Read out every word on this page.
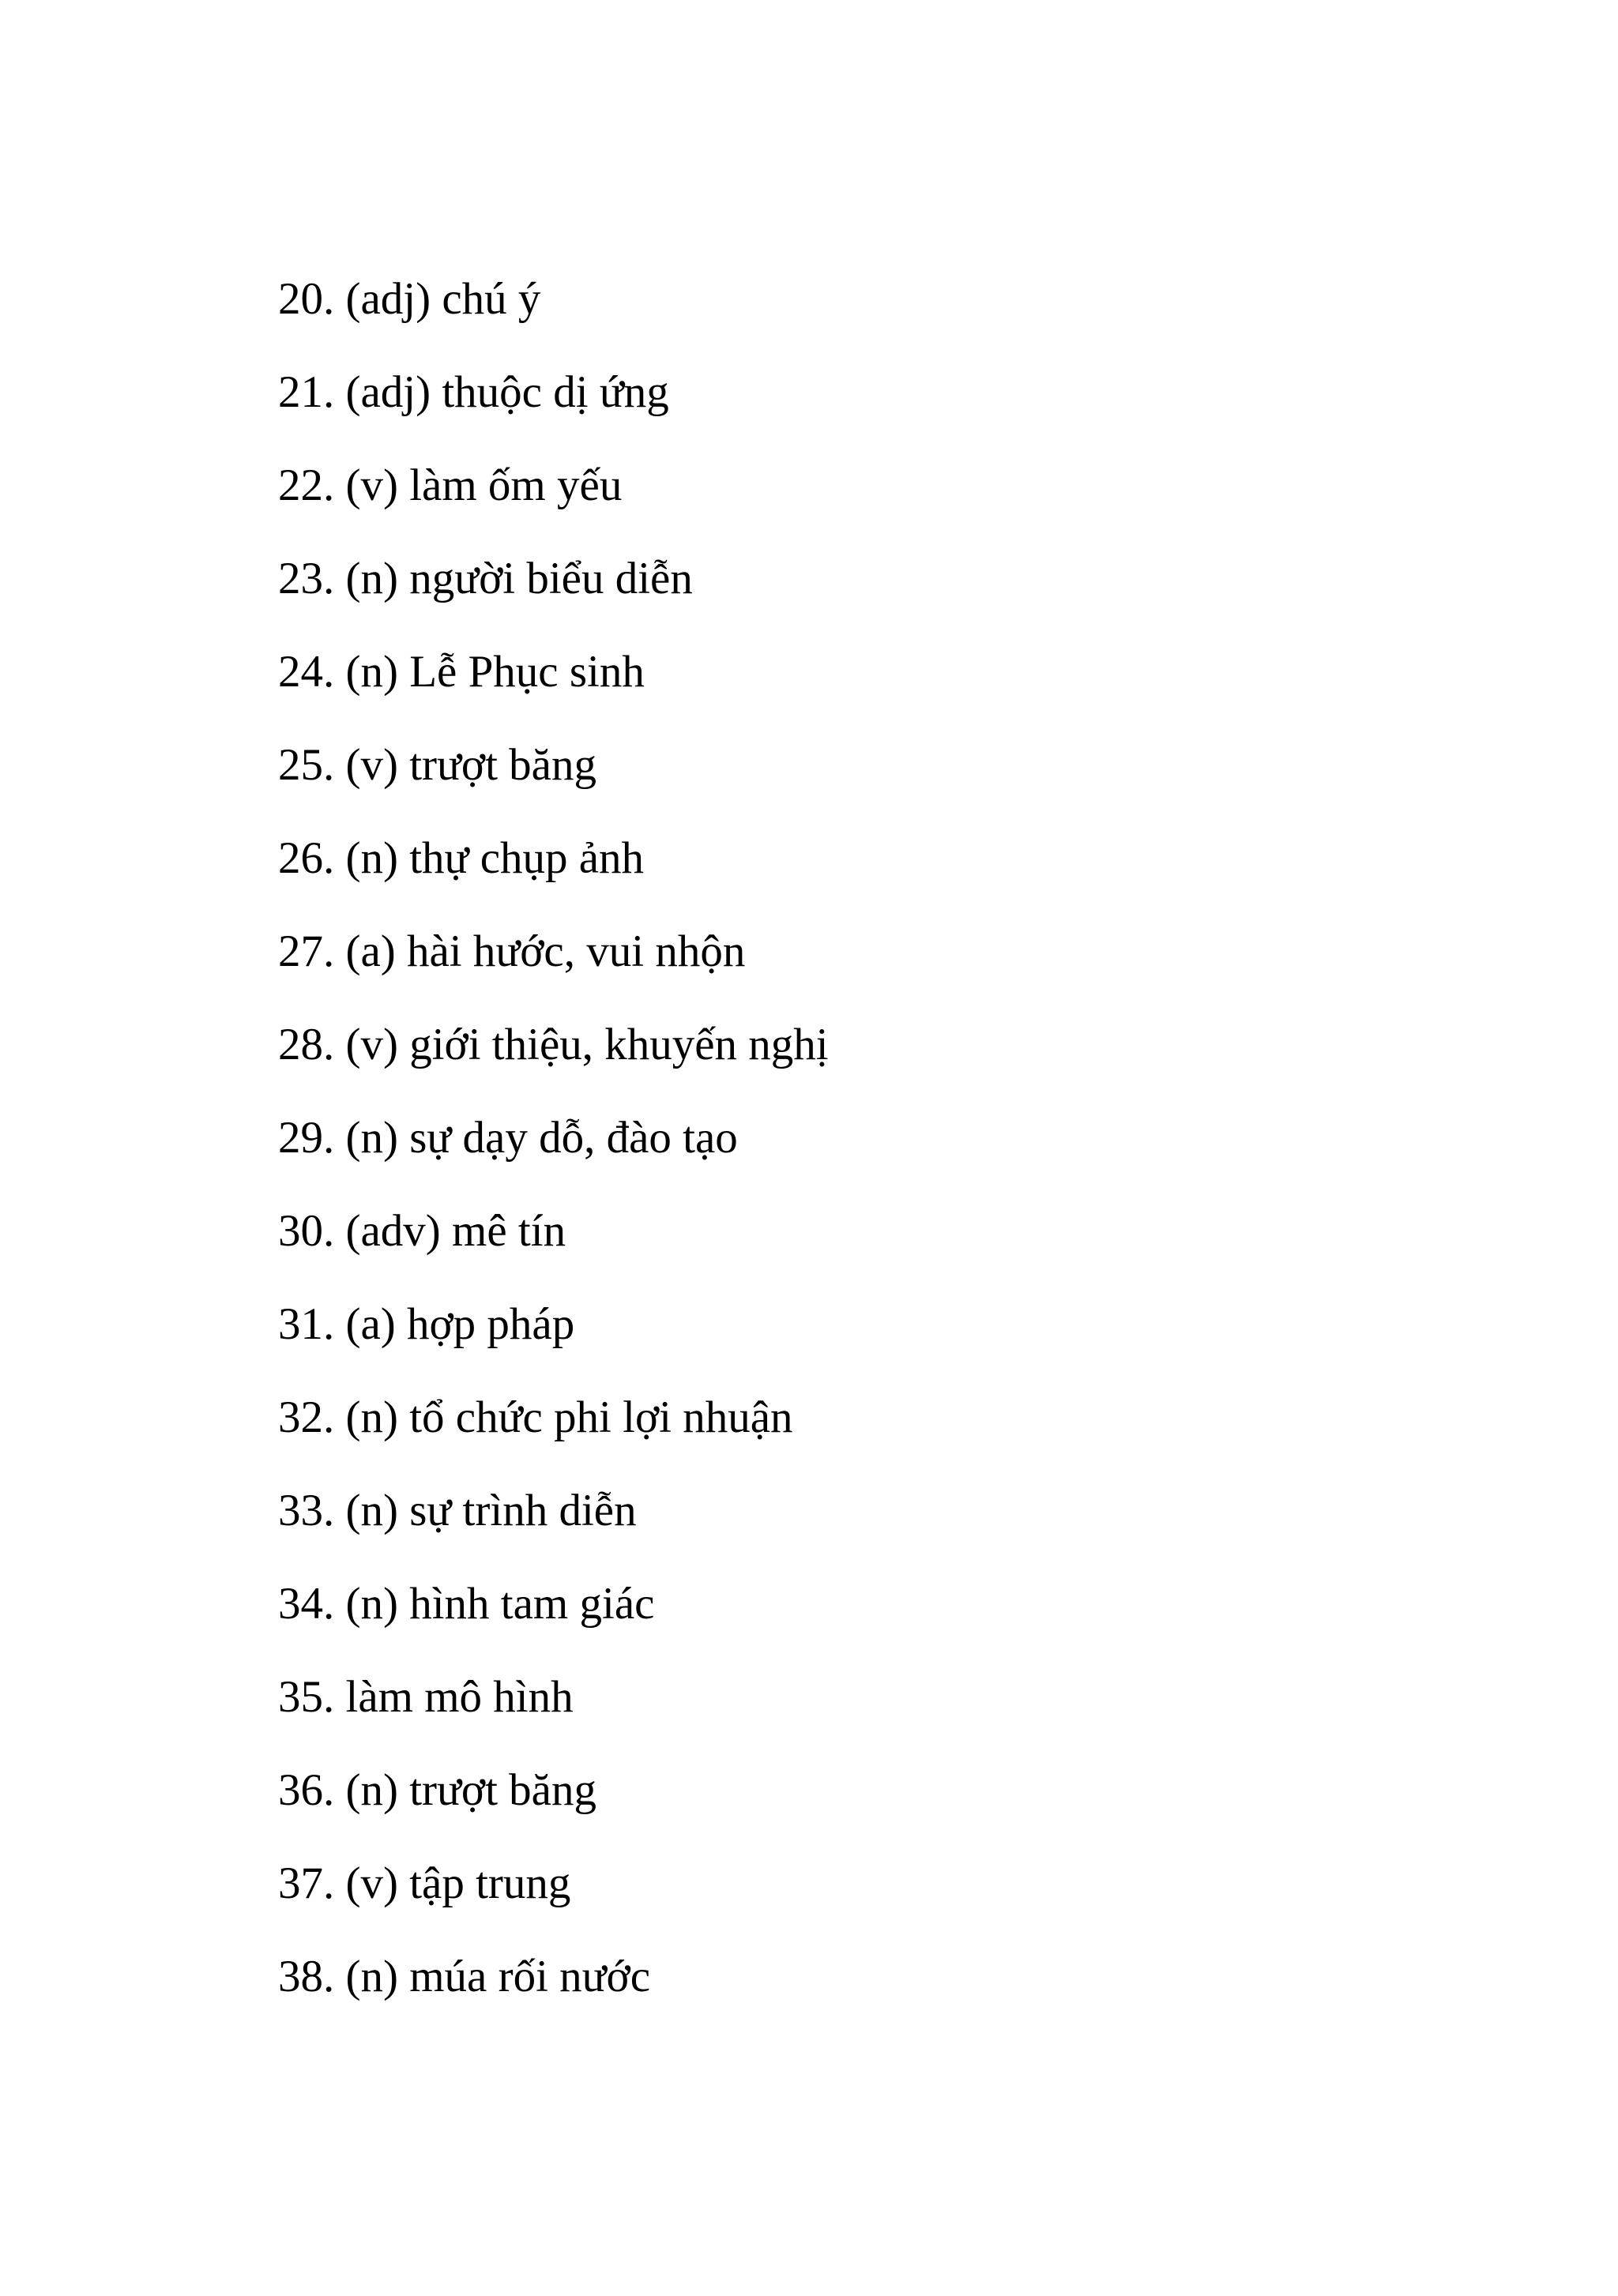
20. (adj) chú ý
21. (adj) thuộc dị ứng
22. (v) làm ốm yếu
23. (n) người biểu diễn
24. (n) Lễ Phục sinh
25. (v) trượt băng
26. (n) thự chụp ảnh
27. (a) hài hước, vui nhộn
28. (v) giới thiệu, khuyến nghị
29. (n) sự dạy dỗ, đào tạo
30. (adv) mê tín
31. (a) hợp pháp
32. (n) tổ chức phi lợi nhuận
33. (n) sự trình diễn
34. (n) hình tam giác
35. làm mô hình
36. (n) trượt băng
37. (v) tập trung
38. (n) múa rối nước
